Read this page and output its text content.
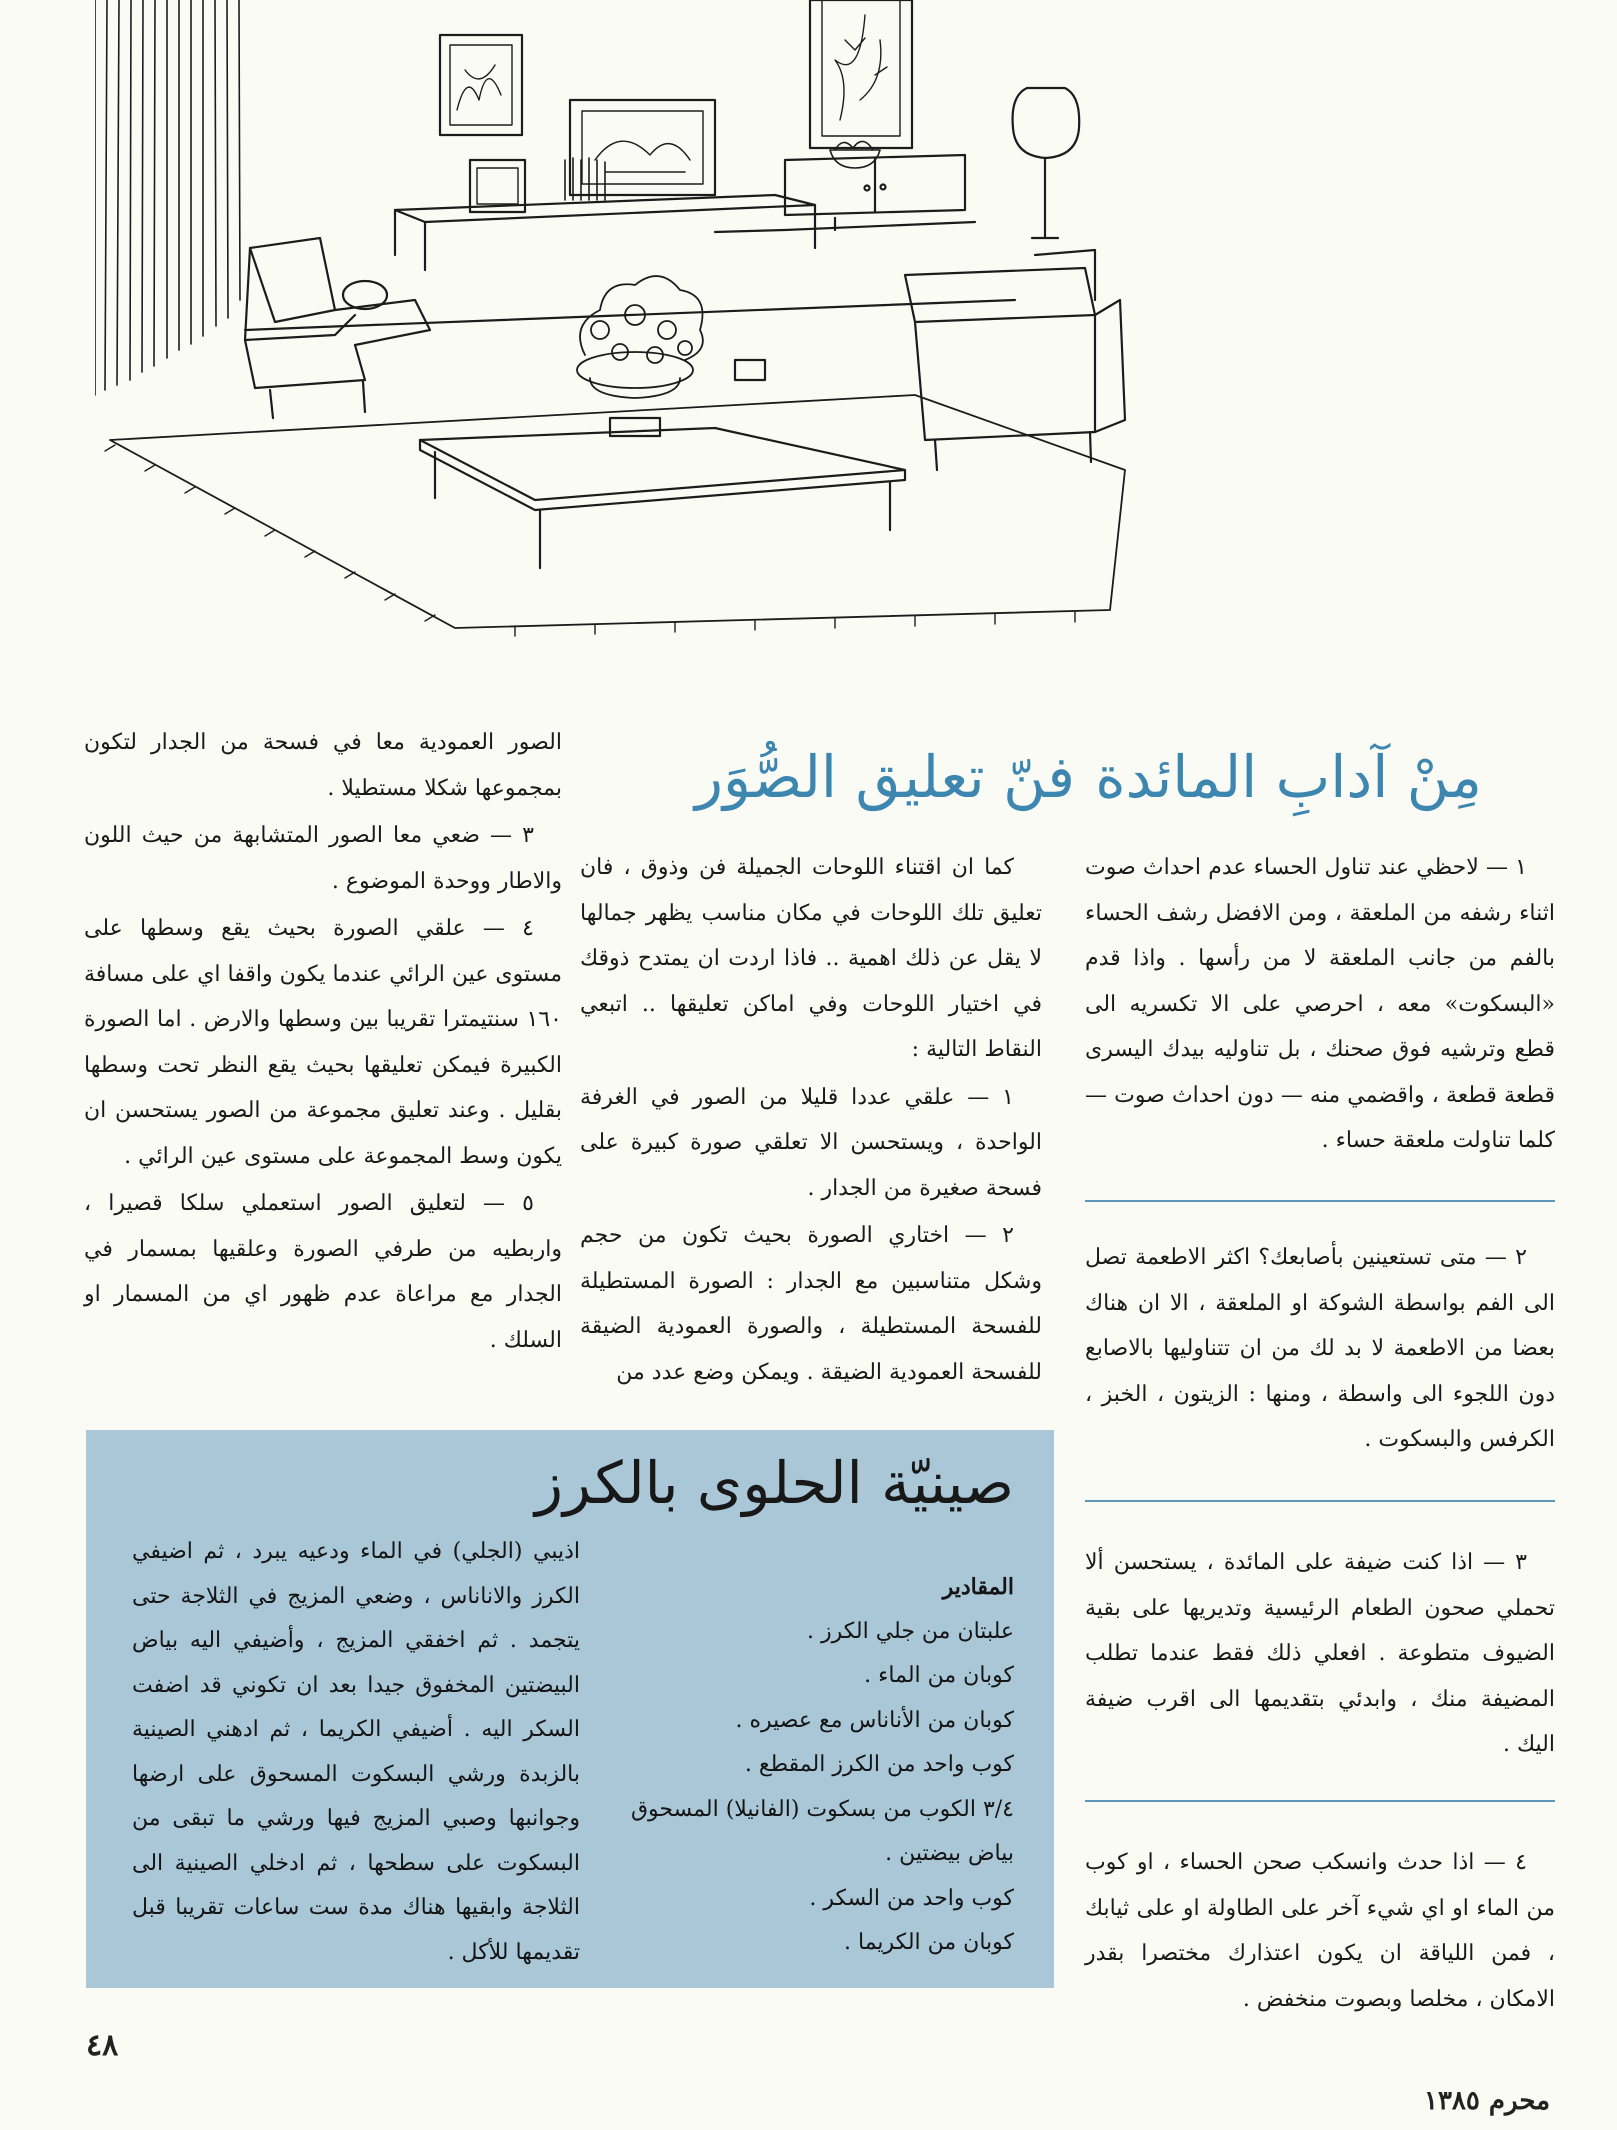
مِنْ آدابِ المائدة
فنّ تعليق الصُّوَر

١ — لاحظي عند تناول الحساء عدم احداث صوت اثناء رشفه من الملعقة ، ومن الافضل رشف الحساء بالفم من جانب الملعقة لا من رأسها . واذا قدم «البسكوت» معه ، احرصي على الا تكسريه الى قطع وترشيه فوق صحنك ، بل تناوليه بيدك اليسرى قطعة قطعة ، واقضمي منه — دون احداث صوت — كلما تناولت ملعقة حساء .

٢ — متى تستعينين بأصابعك؟ اكثر الاطعمة تصل الى الفم بواسطة الشوكة او الملعقة ، الا ان هناك بعضا من الاطعمة لا بد لك من ان تتناوليها بالاصابع دون اللجوء الى واسطة ، ومنها : الزيتون ، الخبز ، الكرفس والبسكوت .

٣ — اذا كنت ضيفة على المائدة ، يستحسن ألا تحملي صحون الطعام الرئيسية وتديريها على بقية الضيوف متطوعة . افعلي ذلك فقط عندما تطلب المضيفة منك ، وابدئي بتقديمها الى اقرب ضيفة اليك .

٤ — اذا حدث وانسكب صحن الحساء ، او كوب من الماء او اي شيء آخر على الطاولة او على ثيابك ، فمن اللياقة ان يكون اعتذارك مختصرا بقدر الامكان ، مخلصا وبصوت منخفض .

كما ان اقتناء اللوحات الجميلة فن وذوق ، فان تعليق تلك اللوحات في مكان مناسب يظهر جمالها لا يقل عن ذلك اهمية .. فاذا اردت ان يمتدح ذوقك في اختيار اللوحات وفي اماكن تعليقها .. اتبعي النقاط التالية :

١ — علقي عددا قليلا من الصور في الغرفة الواحدة ، ويستحسن الا تعلقي صورة كبيرة على فسحة صغيرة من الجدار .

٢ — اختاري الصورة بحيث تكون من حجم وشكل متناسبين مع الجدار : الصورة المستطيلة للفسحة المستطيلة ، والصورة العمودية الضيقة للفسحة العمودية الضيقة . ويمكن وضع عدد من

الصور العمودية معا في فسحة من الجدار لتكون بمجموعها شكلا مستطيلا .

٣ — ضعي معا الصور المتشابهة من حيث اللون والاطار ووحدة الموضوع .

٤ — علقي الصورة بحيث يقع وسطها على مستوى عين الرائي عندما يكون واقفا اي على مسافة ١٦٠ سنتيمترا تقريبا بين وسطها والارض . اما الصورة الكبيرة فيمكن تعليقها بحيث يقع النظر تحت وسطها بقليل . وعند تعليق مجموعة من الصور يستحسن ان يكون وسط المجموعة على مستوى عين الرائي .

٥ — لتعليق الصور استعملي سلكا قصيرا ، واربطيه من طرفي الصورة وعلقيها بمسمار في الجدار مع مراعاة عدم ظهور اي من المسمار او السلك .

صينيّة الحلوى بالكرز
المقادير
علبتان من جلي الكرز .
كوبان من الماء .
كوبان من الأناناس مع عصيره .
كوب واحد من الكرز المقطع .
٣/٤ الكوب من بسكوت (الفانيلا) المسحوق
بياض بيضتين .
كوب واحد من السكر .
كوبان من الكريما .
اذيبي (الجلي) في الماء ودعيه يبرد ، ثم اضيفي الكرز والاناناس ، وضعي المزيج في الثلاجة حتى يتجمد . ثم اخفقي المزيج ، وأضيفي اليه بياض البيضتين المخفوق جيدا بعد ان تكوني قد اضفت السكر اليه . أضيفي الكريما ، ثم ادهني الصينية بالزبدة ورشي البسكوت المسحوق على ارضها وجوانبها وصبي المزيج فيها ورشي ما تبقى من البسكوت على سطحها ، ثم ادخلي الصينية الى الثلاجة وابقيها هناك مدة ست ساعات تقريبا قبل تقديمها للأكل .
٤٨
محرم ١٣٨٥
